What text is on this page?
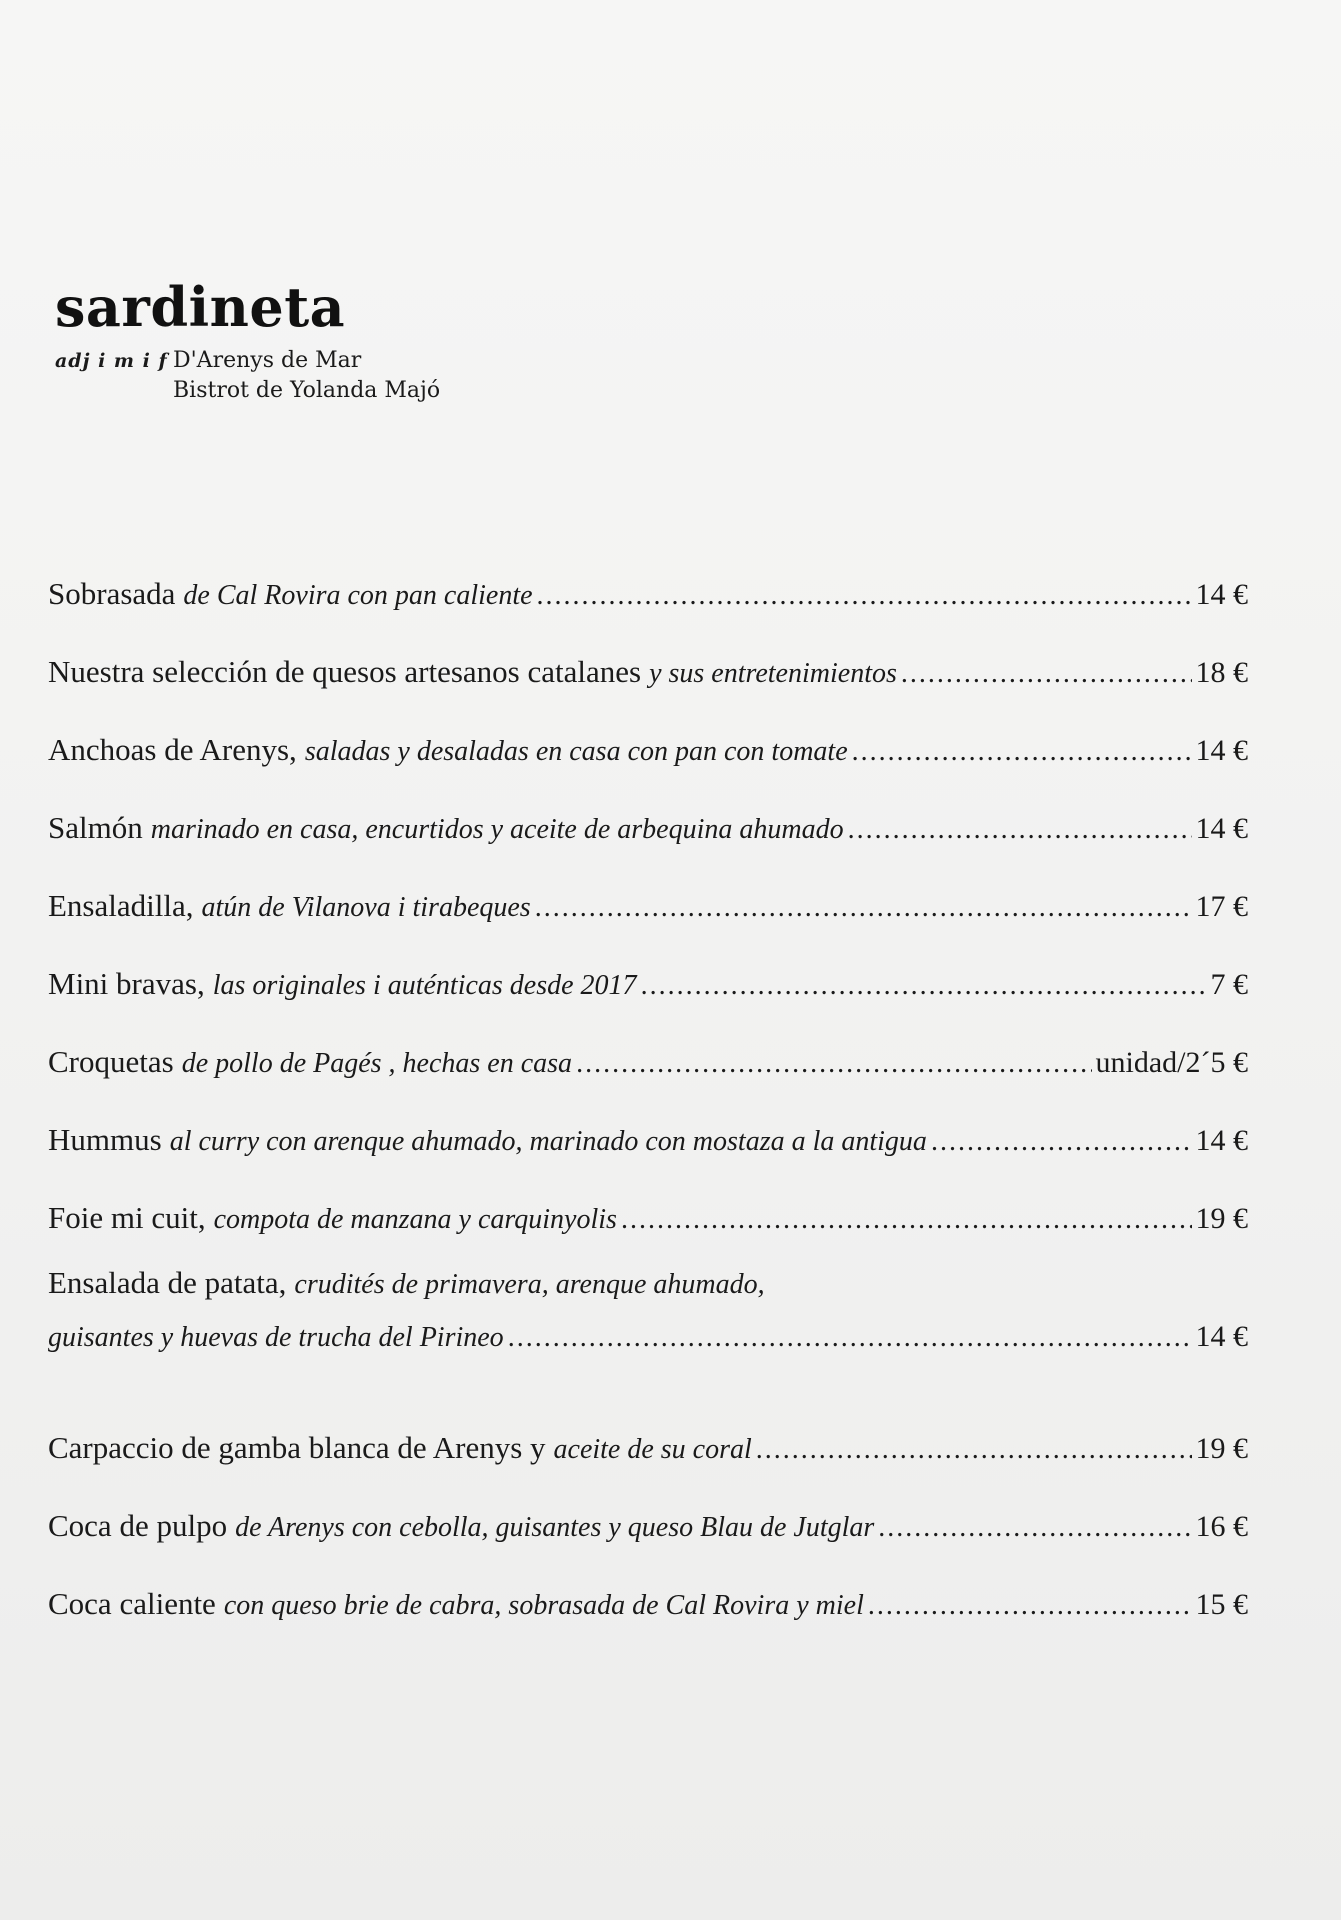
sardineta
adj i m i f D'Arenys de Mar
Bistrot de Yolanda Majó
Sobrasada de Cal Rovira con pan caliente .....	14 €
Nuestra selección de quesos artesanos catalanes y sus entretenimientos .....	18 €
Anchoas de Arenys, saladas y desaladas en casa con pan con tomate .....	14 €
Salmón marinado en casa, encurtidos y aceite de arbequina ahumado .....	14 €
Ensaladilla, atún de Vilanova i tirabeques .....	17 €
Mini bravas, las originales i auténticas desde 2017 .....	7 €
Croquetas de pollo de Pagés , hechas en casa .....	unidad/2´5 €
Hummus al curry con arenque ahumado, marinado con mostaza a la antigua .....	14 €
Foie mi cuit, compota de manzana y carquinyolis .....	19 €
Ensalada de patata, crudités de primavera, arenque ahumado,
guisantes y huevas de trucha del Pirineo .....	14 €
Carpaccio de gamba blanca de Arenys y aceite de su coral .....	19 €
Coca de pulpo de Arenys con cebolla, guisantes y queso Blau de Jutglar .....	16 €
Coca caliente con queso brie de cabra, sobrasada de Cal Rovira y miel .....	15 €
